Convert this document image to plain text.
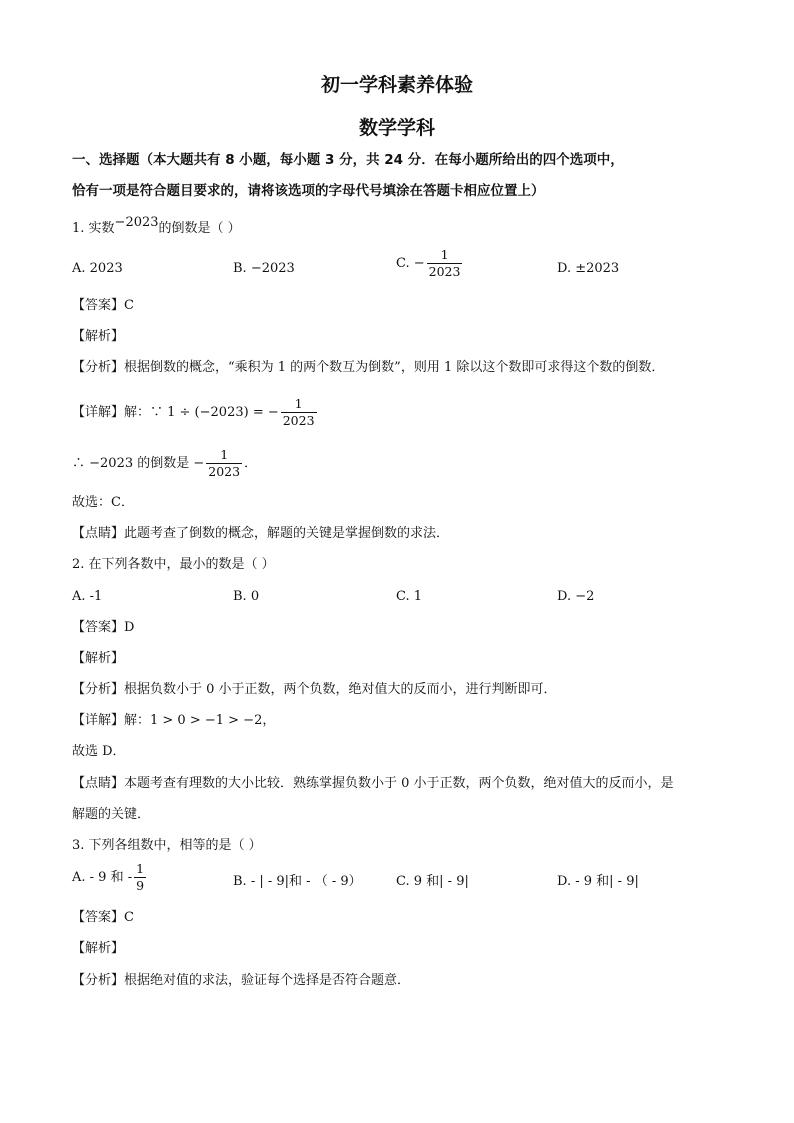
初一学科素养体验
数学学科
一、选择题（本大题共有 8 小题，每小题 3 分，共 24 分．在每小题所给出的四个选项中，
恰有一项是符合题目要求的，请将该选项的字母代号填涂在答题卡相应位置上）
1. 实数−2023的倒数是（ ）
A. 2023	B. −2023	C. − $\frac{1}{2023}$	D. ±2023
【答案】C
【解析】
【分析】根据倒数的概念，“乘积为 1 的两个数互为倒数”，则用 1 除以这个数即可求得这个数的倒数．
【详解】解：∵ 1 ÷ (−2023) = − $\frac{1}{2023}$
∴ −2023 的倒数是 − $\frac{1}{2023}$ ．
故选：C．
【点睛】此题考查了倒数的概念，解题的关键是掌握倒数的求法．
2. 在下列各数中，最小的数是（ ）
A. -1	B. 0	C. 1	D. −2
【答案】D
【解析】
【分析】根据负数小于 0 小于正数，两个负数，绝对值大的反而小，进行判断即可．
【详解】解：1 > 0 > −1 > −2，
故选 D．
【点睛】本题考查有理数的大小比较．熟练掌握负数小于 0 小于正数，两个负数，绝对值大的反而小，是
解题的关键．
3. 下列各组数中，相等的是（ ）
A. - 9 和 - $\frac{1}{9}$	B. - | - 9|和 - （ - 9）	C. 9 和| - 9|	D. - 9 和| - 9|
【答案】C
【解析】
【分析】根据绝对值的求法，验证每个选择是否符合题意．
